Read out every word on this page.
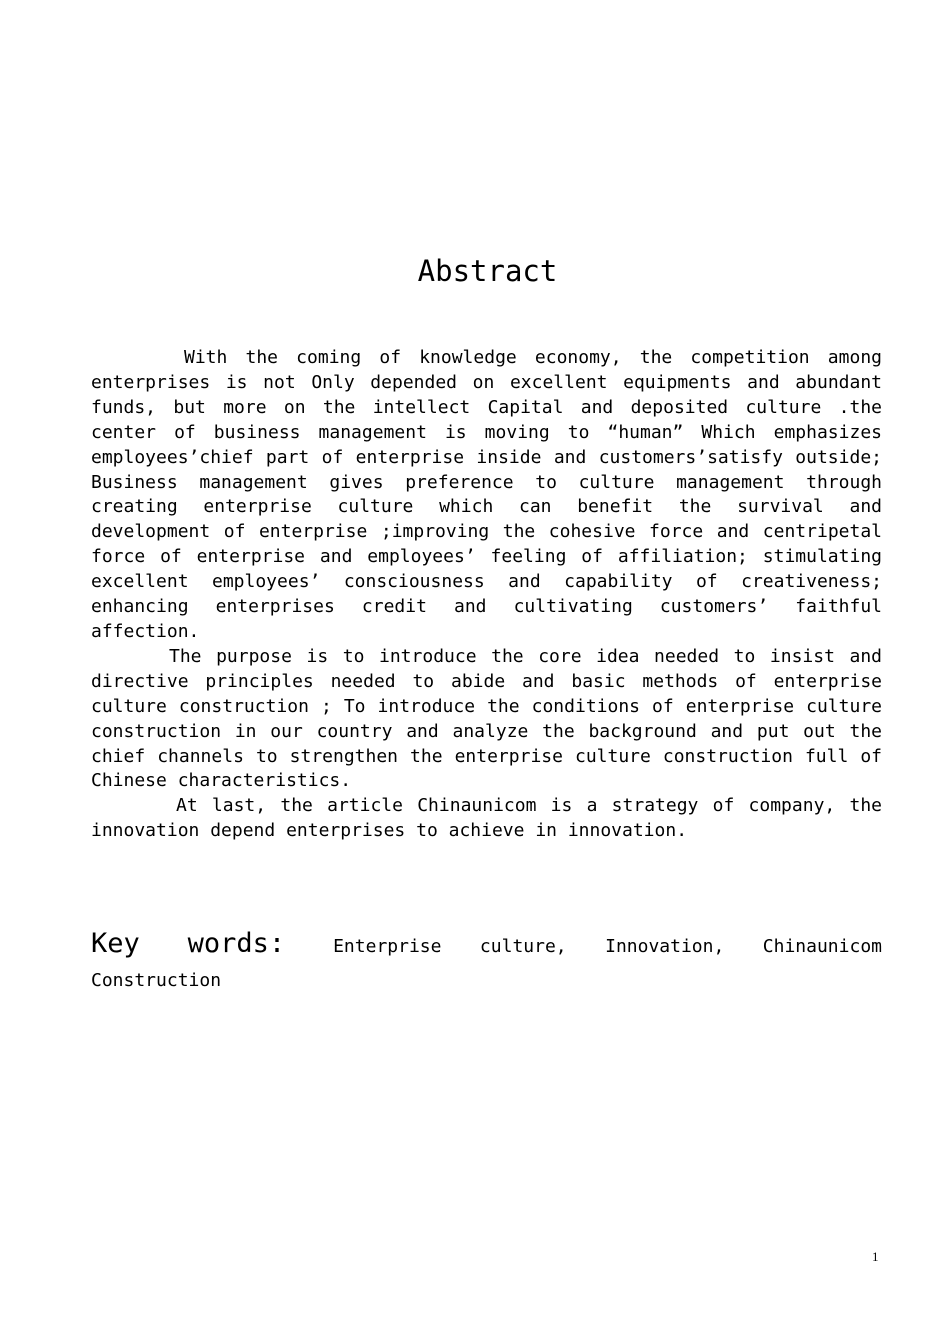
Abstract

With the coming of knowledge economy, the competition among enterprises is not Only depended on excellent equipments and abundant funds, but more on the intellect Capital and deposited culture .the center of business management is moving to “human” Which emphasizes employees’chief part of enterprise inside and customers’satisfy outside; Business management gives preference to culture management through creating enterprise culture which can benefit the survival and development of enterprise ;improving the cohesive force and centripetal force of enterprise and employees’ feeling of affiliation; stimulating excellent employees’ consciousness and capability of creativeness; enhancing enterprises credit and cultivating customers’ faithful affection.

The purpose is to introduce the core idea needed to insist and directive principles needed to abide and basic methods of enterprise culture construction ; To introduce the conditions of enterprise culture construction in our country and analyze the background and put out the chief channels to strengthen the enterprise culture construction full of Chinese characteristics.

At last, the article Chinaunicom is a strategy of company, the innovation depend enterprises to achieve in innovation.

Key words: Enterprise culture, Innovation, Chinaunicom Construction
1
